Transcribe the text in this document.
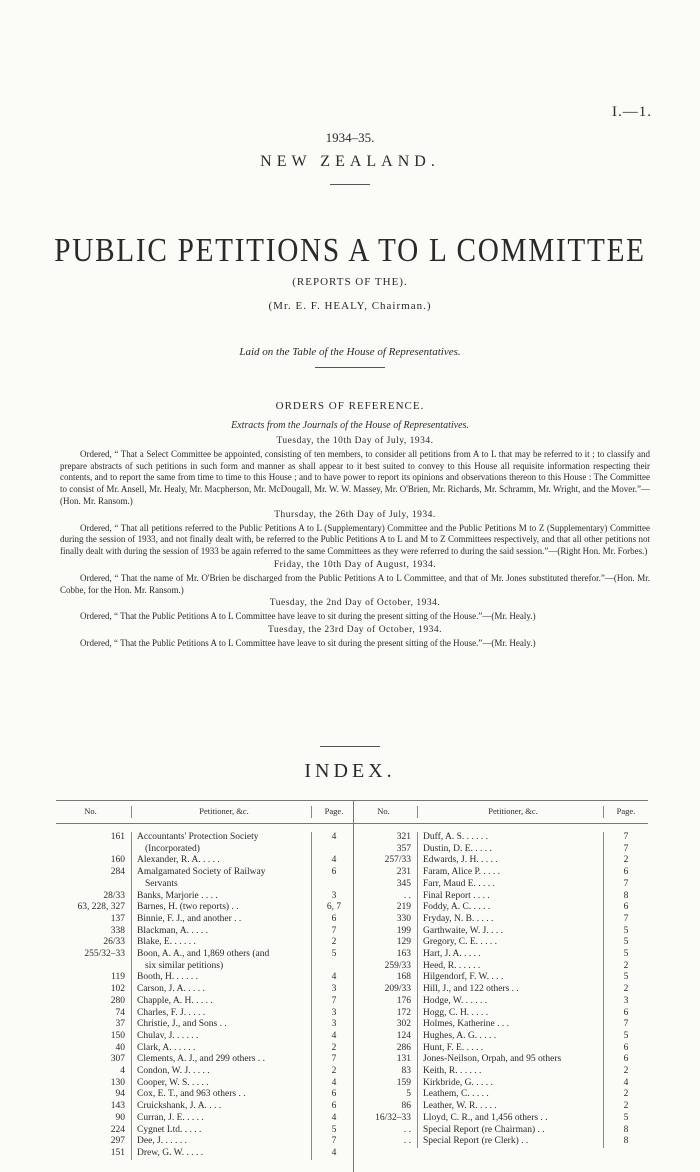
I.—1.
1934–35.
NEW ZEALAND.
PUBLIC PETITIONS A TO L COMMITTEE
(REPORTS OF THE).
(Mr. E. F. HEALY, Chairman.)
Laid on the Table of the House of Representatives.
ORDERS OF REFERENCE.
Extracts from the Journals of the House of Representatives.
Tuesday, the 10th Day of July, 1934.

Ordered, “ That a Select Committee be appointed, consisting of ten members, to consider all petitions from A to L that may be referred to it ; to classify and prepare abstracts of such petitions in such form and manner as shall appear to it best suited to convey to this House all requisite information respecting their contents, and to report the same from time to time to this House ; and to have power to report its opinions and observations thereon to this House : The Committee to consist of Mr. Ansell, Mr. Healy, Mr. Macpherson, Mr. McDougall, Mr. W. W. Massey, Mr. O'Brien, Mr. Richards, Mr. Schramm, Mr. Wright, and the Mover.”—(Hon. Mr. Ransom.)

Thursday, the 26th Day of July, 1934.

Ordered, “ That all petitions referred to the Public Petitions A to L (Supplementary) Committee and the Public Petitions M to Z (Supplementary) Committee during the session of 1933, and not finally dealt with, be referred to the Public Petitions A to L and M to Z Committees respectively, and that all other petitions not finally dealt with during the session of 1933 be again referred to the same Committees as they were referred to during the said session.”—(Right Hon. Mr. Forbes.)

Friday, the 10th Day of August, 1934.

Ordered, “ That the name of Mr. O'Brien be discharged from the Public Petitions A to L Committee, and that of Mr. Jones substituted therefor.”—(Hon. Mr. Cobbe, for the Hon. Mr. Ransom.)

Tuesday, the 2nd Day of October, 1934.

Ordered, “ That the Public Petitions A to L Committee have leave to sit during the present sitting of the House.”—(Mr. Healy.)

Tuesday, the 23rd Day of October, 1934.

Ordered, “ That the Public Petitions A to L Committee have leave to sit during the present sitting of the House.”—(Mr. Healy.)

INDEX.
No.	Petitioner, &c.	Page.
161	Accountants' Protection Society	4
(Incorporated)
160	Alexander, R. A. . . . .	4
284	Amalgamated Society of Railway	6
Servants
28/33	Banks, Marjorie . . . .	3
63, 228, 327	Barnes, H. (two reports) . .	6, 7
137	Binnie, F. J., and another . .	6
338	Blackman, A. . . . .	7
26/33	Blake, E. . . . . .	2
255/32–33	Boon, A. A., and 1,869 others (and	5
six similar petitions)
119	Booth, H. . . . . .	4
102	Carson, J. A. . . . .	3
280	Chapple, A. H. . . . .	7
74	Charles, F. J. . . . .	3
37	Christie, J., and Sons . .	3
150	Chulav, J. . . . . .	4
40	Clark, A. . . . . .	2
307	Clements, A. J., and 299 others . .	7
4	Condon, W. J. . . . .	2
130	Cooper, W. S. . . . .	4
94	Cox, E. T., and 963 others . .	6
143	Cruickshank, J. A. . . .	6
90	Curran, J. E. . . . .	4
224	Cygnet Ltd. . . . .	5
297	Dee, J. . . . . .	7
151	Drew, G. W. . . . .	4
No.	Petitioner, &c.	Page.
321	Duff, A. S. . . . . .	7
357	Dustin, D. E. . . . .	7
257/33	Edwards, J. H. . . . .	2
231	Faram, Alice P. . . . .	6
345	Farr, Maud E. . . . .	7
. .	Final Report . . . .	8
219	Foddy, A. C. . . . .	6
330	Fryday, N. B. . . . .	7
199	Garthwaite, W. J. . . .	5
129	Gregory, C. E. . . . .	5
163	Hart, J. A. . . . .	5
259/33	Heed, R. . . . . .	2
168	Hilgendorf, F. W. . . .	5
209/33	Hill, J., and 122 others . .	2
176	Hodge, W. . . . . .	3
172	Hogg, C. H. . . . .	6
302	Holmes, Katherine . . .	7
124	Hughes, A. G. . . . .	5
286	Hunt, F. E. . . . .	6
131	Jones-Neilson, Orpah, and 95 others	6
83	Keith, R. . . . . .	2
159	Kirkbride, G. . . . .	4
5	Leathem, C. . . . .	2
86	Leather, W. R. . . . .	2
16/32–33	Lloyd, C. R., and 1,456 others . .	5
. .	Special Report (re Chairman) . .	8
. .	Special Report (re Clerk) . .	8
